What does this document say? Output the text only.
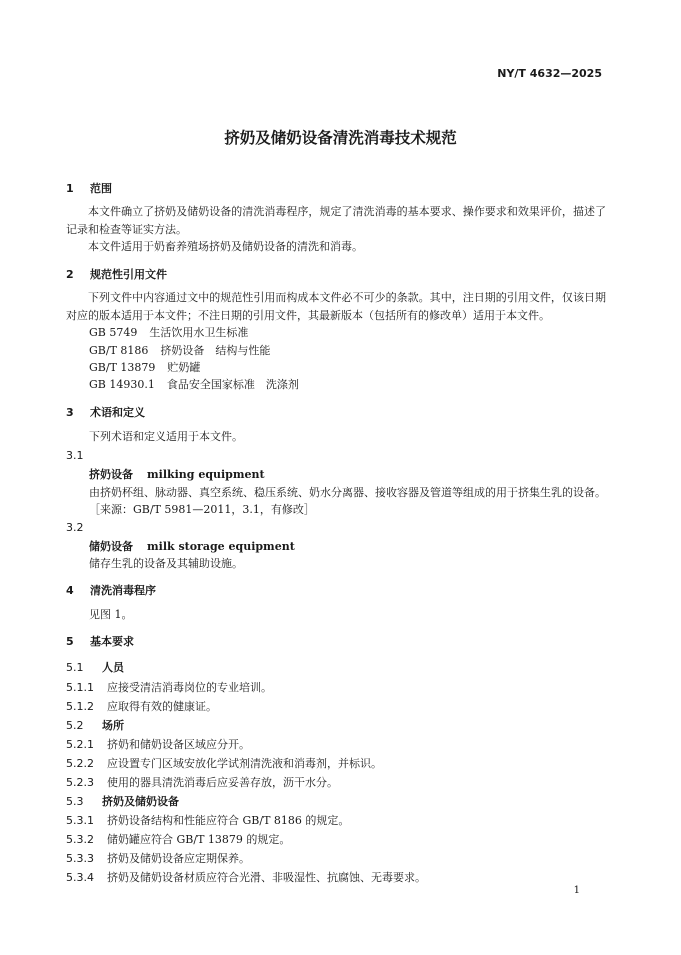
NY/T 4632—2025
挤奶及储奶设备清洗消毒技术规范
1 范围
本文件确立了挤奶及储奶设备的清洗消毒程序，规定了清洗消毒的基本要求、操作要求和效果评价，描述了记录和检查等证实方法。
本文件适用于奶畜养殖场挤奶及储奶设备的清洗和消毒。
2 规范性引用文件
下列文件中内容通过文中的规范性引用而构成本文件必不可少的条款。其中，注日期的引用文件，仅该日期对应的版本适用于本文件；不注日期的引用文件，其最新版本（包括所有的修改单）适用于本文件。
GB 5749 生活饮用水卫生标准
GB/T 8186 挤奶设备　结构与性能
GB/T 13879 贮奶罐
GB 14930.1 食品安全国家标准　洗涤剂
3 术语和定义
下列术语和定义适用于本文件。
3.1
挤奶设备 milking equipment
由挤奶杯组、脉动器、真空系统、稳压系统、奶水分离器、接收容器及管道等组成的用于挤集生乳的设备。
［来源：GB/T 5981—2011，3.1，有修改］
3.2
储奶设备 milk storage equipment
储存生乳的设备及其辅助设施。
4 清洗消毒程序
见图 1。
5 基本要求
5.1 人员
5.1.1 应接受清洁消毒岗位的专业培训。
5.1.2 应取得有效的健康证。
5.2 场所
5.2.1 挤奶和储奶设备区域应分开。
5.2.2 应设置专门区域安放化学试剂清洗液和消毒剂，并标识。
5.2.3 使用的器具清洗消毒后应妥善存放，沥干水分。
5.3 挤奶及储奶设备
5.3.1 挤奶设备结构和性能应符合 GB/T 8186 的规定。
5.3.2 储奶罐应符合 GB/T 13879 的规定。
5.3.3 挤奶及储奶设备应定期保养。
5.3.4 挤奶及储奶设备材质应符合光滑、非吸湿性、抗腐蚀、无毒要求。
1
